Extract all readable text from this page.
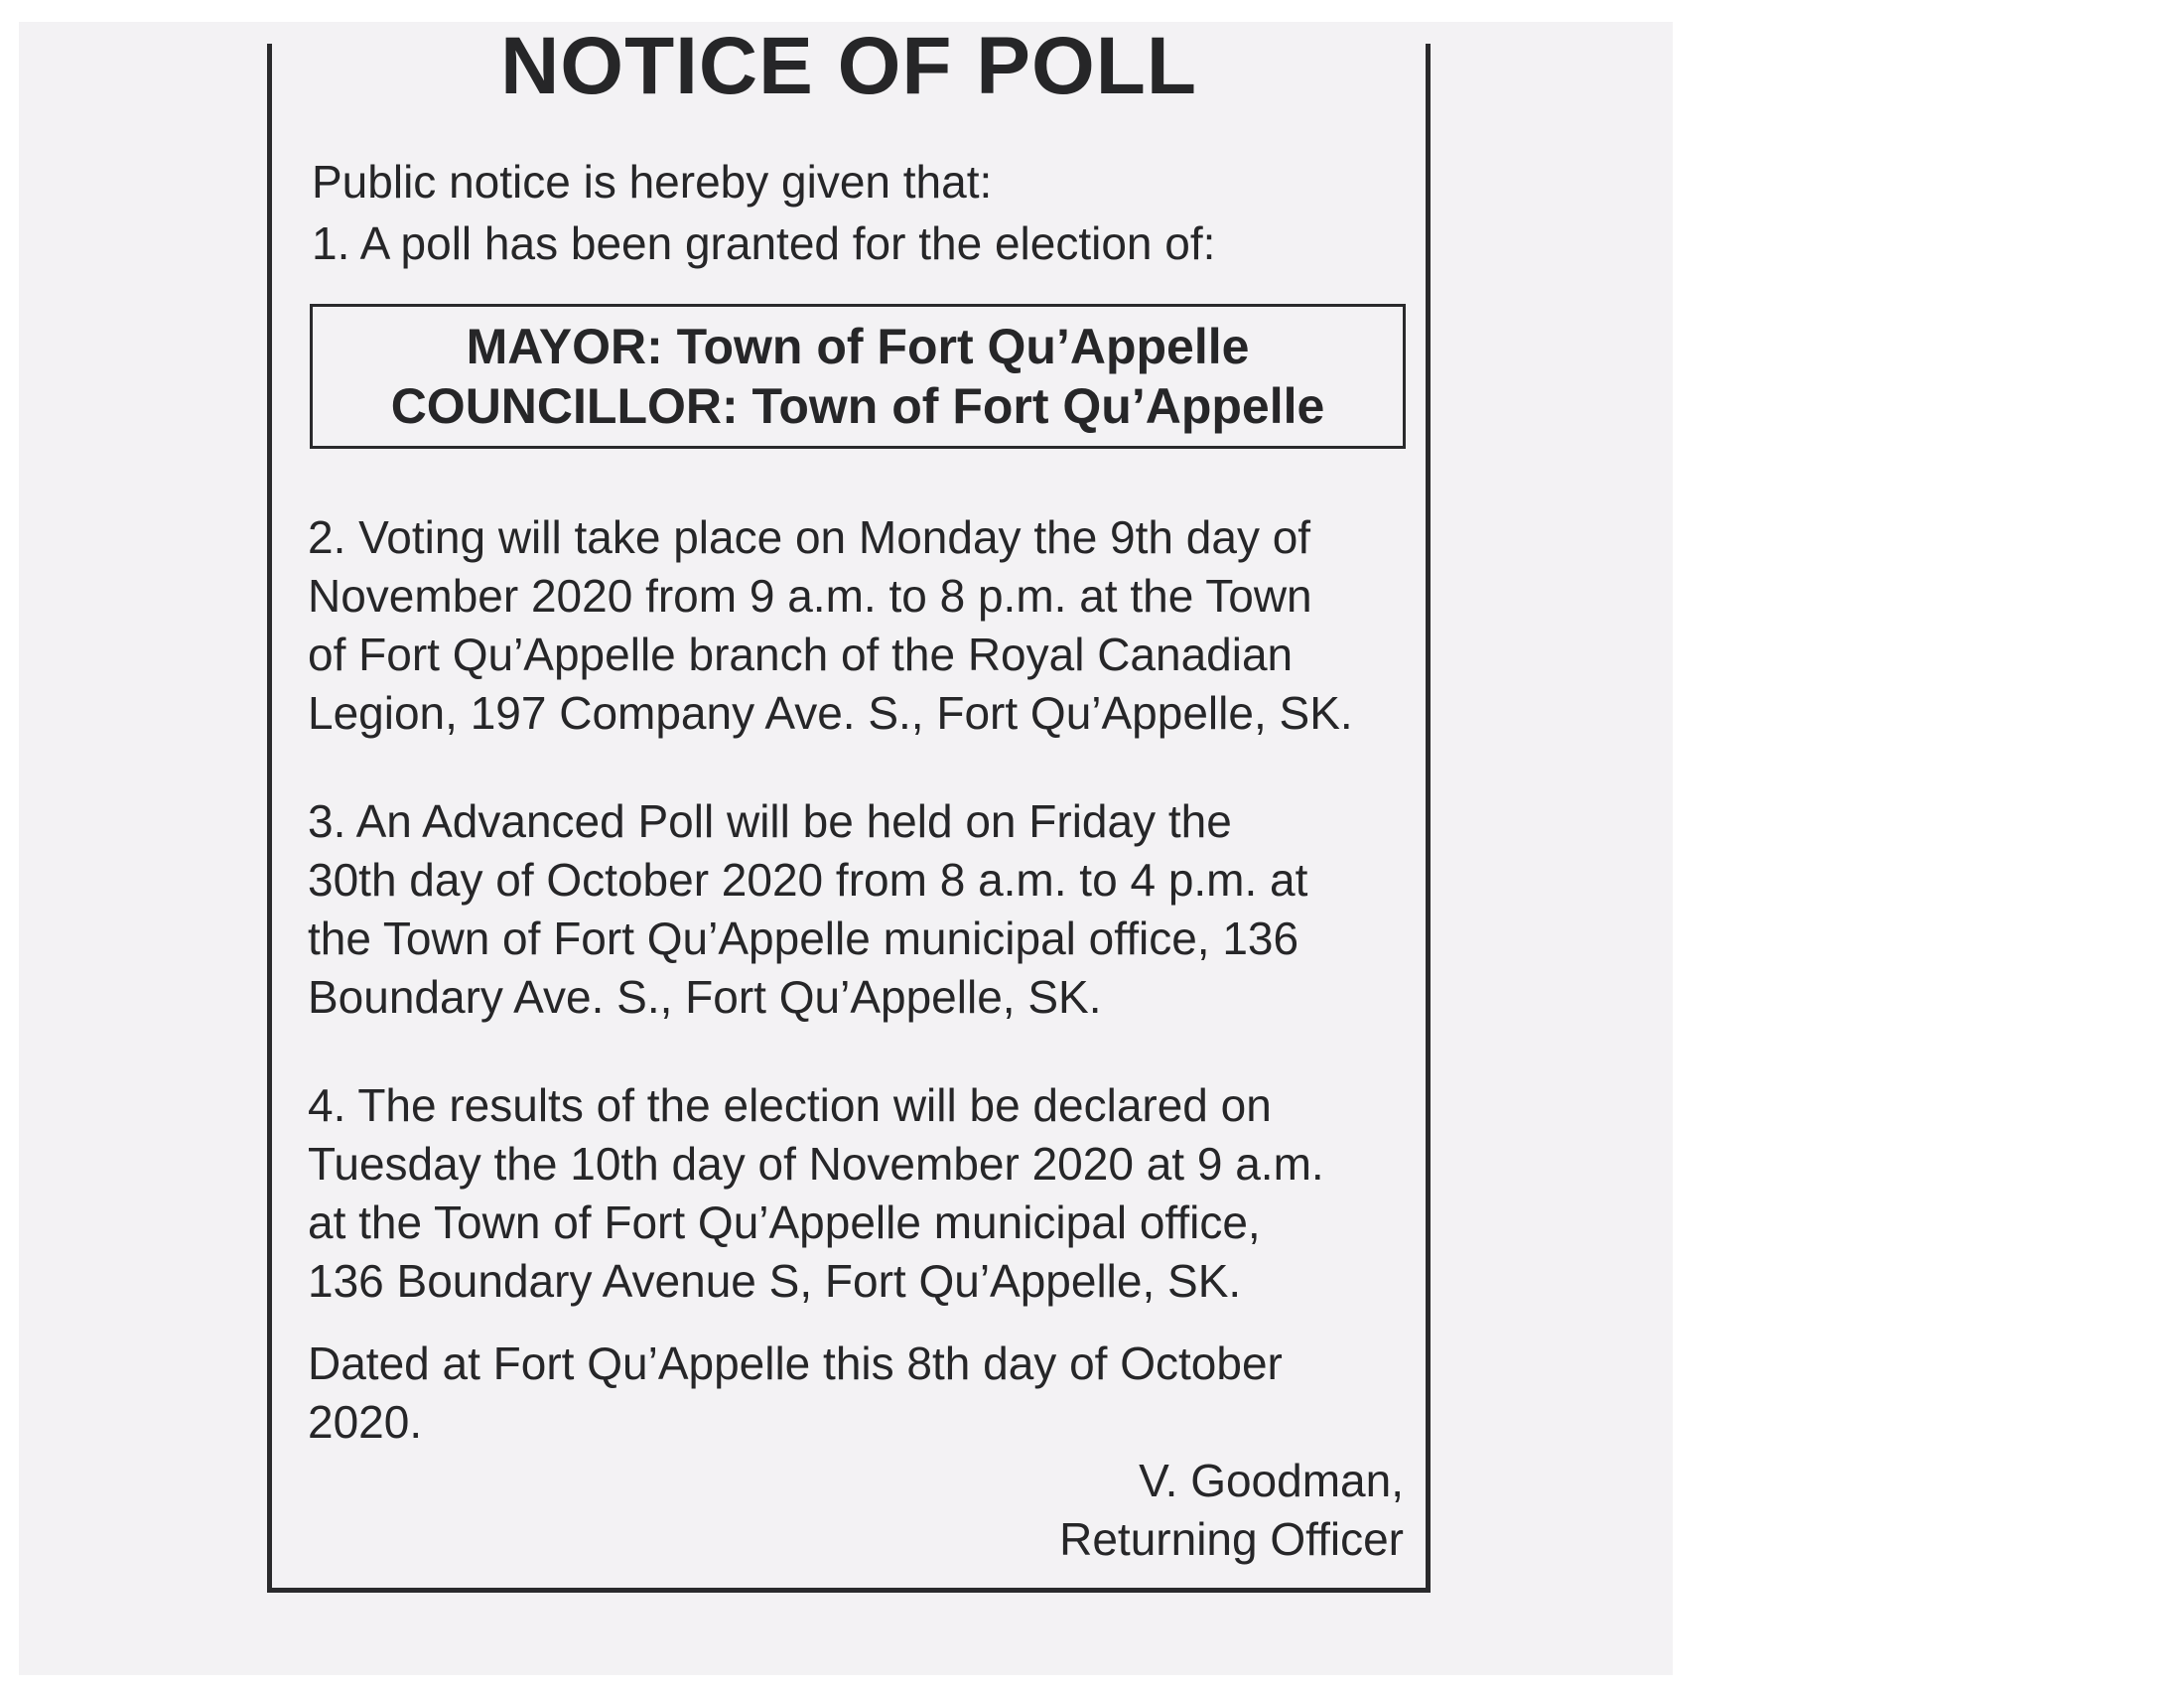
NOTICE OF POLL
Public notice is hereby given that:
1. A poll has been granted for the election of:
MAYOR: Town of Fort Qu’Appelle
COUNCILLOR: Town of Fort Qu’Appelle
2. Voting will take place on Monday the 9th day of
November 2020 from 9 a.m. to 8 p.m. at the Town
of Fort Qu’Appelle branch of the Royal Canadian
Legion, 197 Company Ave. S., Fort Qu’Appelle, SK.
3. An Advanced Poll will be held on Friday the
30th day of October 2020 from 8 a.m. to 4 p.m. at
the Town of Fort Qu’Appelle municipal office, 136
Boundary Ave. S., Fort Qu’Appelle, SK.
4. The results of the election will be declared on
Tuesday the 10th day of November 2020 at 9 a.m.
at the Town of Fort Qu’Appelle municipal office,
136 Boundary Avenue S, Fort Qu’Appelle, SK.
Dated at Fort Qu’Appelle this 8th day of October
2020.
V. Goodman,
Returning Officer
